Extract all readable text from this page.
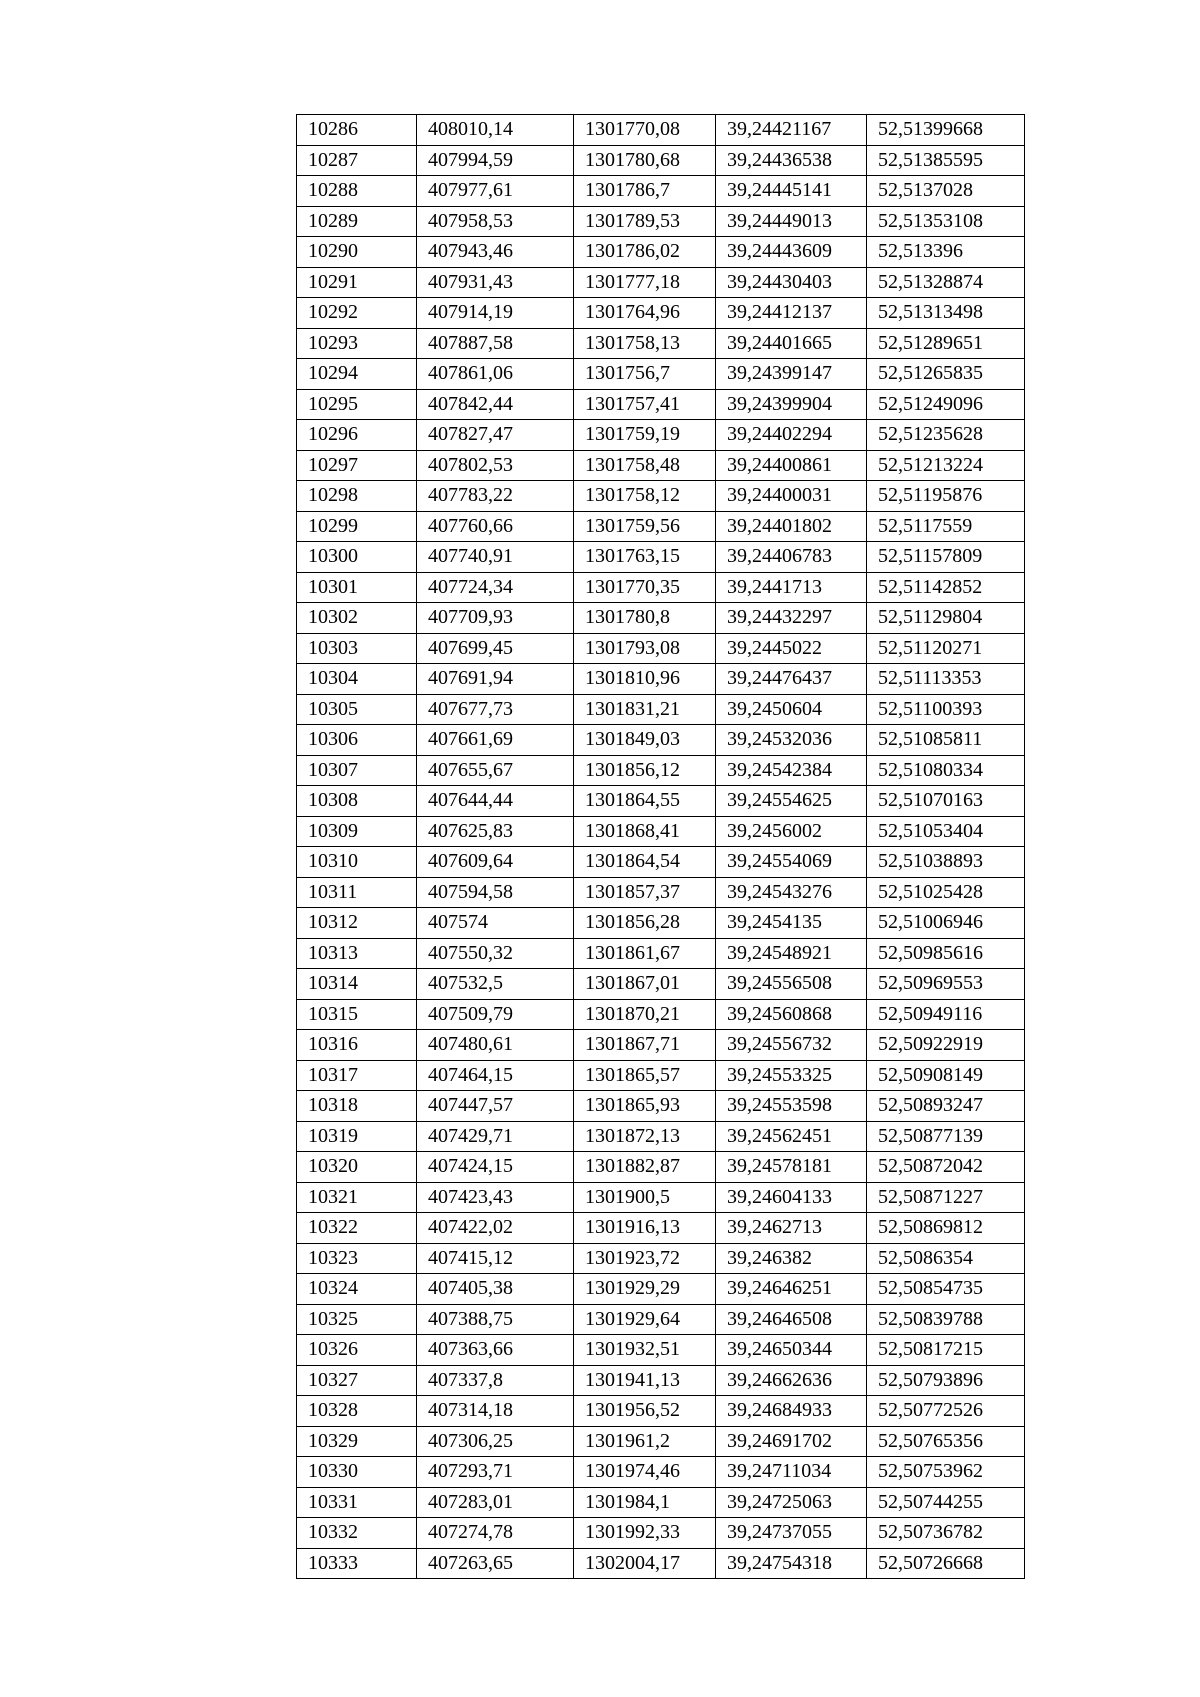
10286	408010,14	1301770,08	39,24421167	52,51399668
10287	407994,59	1301780,68	39,24436538	52,51385595
10288	407977,61	1301786,7	39,24445141	52,5137028
10289	407958,53	1301789,53	39,24449013	52,51353108
10290	407943,46	1301786,02	39,24443609	52,513396
10291	407931,43	1301777,18	39,24430403	52,51328874
10292	407914,19	1301764,96	39,24412137	52,51313498
10293	407887,58	1301758,13	39,24401665	52,51289651
10294	407861,06	1301756,7	39,24399147	52,51265835
10295	407842,44	1301757,41	39,24399904	52,51249096
10296	407827,47	1301759,19	39,24402294	52,51235628
10297	407802,53	1301758,48	39,24400861	52,51213224
10298	407783,22	1301758,12	39,24400031	52,51195876
10299	407760,66	1301759,56	39,24401802	52,5117559
10300	407740,91	1301763,15	39,24406783	52,51157809
10301	407724,34	1301770,35	39,2441713	52,51142852
10302	407709,93	1301780,8	39,24432297	52,51129804
10303	407699,45	1301793,08	39,2445022	52,51120271
10304	407691,94	1301810,96	39,24476437	52,51113353
10305	407677,73	1301831,21	39,2450604	52,51100393
10306	407661,69	1301849,03	39,24532036	52,51085811
10307	407655,67	1301856,12	39,24542384	52,51080334
10308	407644,44	1301864,55	39,24554625	52,51070163
10309	407625,83	1301868,41	39,2456002	52,51053404
10310	407609,64	1301864,54	39,24554069	52,51038893
10311	407594,58	1301857,37	39,24543276	52,51025428
10312	407574	1301856,28	39,2454135	52,51006946
10313	407550,32	1301861,67	39,24548921	52,50985616
10314	407532,5	1301867,01	39,24556508	52,50969553
10315	407509,79	1301870,21	39,24560868	52,50949116
10316	407480,61	1301867,71	39,24556732	52,50922919
10317	407464,15	1301865,57	39,24553325	52,50908149
10318	407447,57	1301865,93	39,24553598	52,50893247
10319	407429,71	1301872,13	39,24562451	52,50877139
10320	407424,15	1301882,87	39,24578181	52,50872042
10321	407423,43	1301900,5	39,24604133	52,50871227
10322	407422,02	1301916,13	39,2462713	52,50869812
10323	407415,12	1301923,72	39,246382	52,5086354
10324	407405,38	1301929,29	39,24646251	52,50854735
10325	407388,75	1301929,64	39,24646508	52,50839788
10326	407363,66	1301932,51	39,24650344	52,50817215
10327	407337,8	1301941,13	39,24662636	52,50793896
10328	407314,18	1301956,52	39,24684933	52,50772526
10329	407306,25	1301961,2	39,24691702	52,50765356
10330	407293,71	1301974,46	39,24711034	52,50753962
10331	407283,01	1301984,1	39,24725063	52,50744255
10332	407274,78	1301992,33	39,24737055	52,50736782
10333	407263,65	1302004,17	39,24754318	52,50726668
